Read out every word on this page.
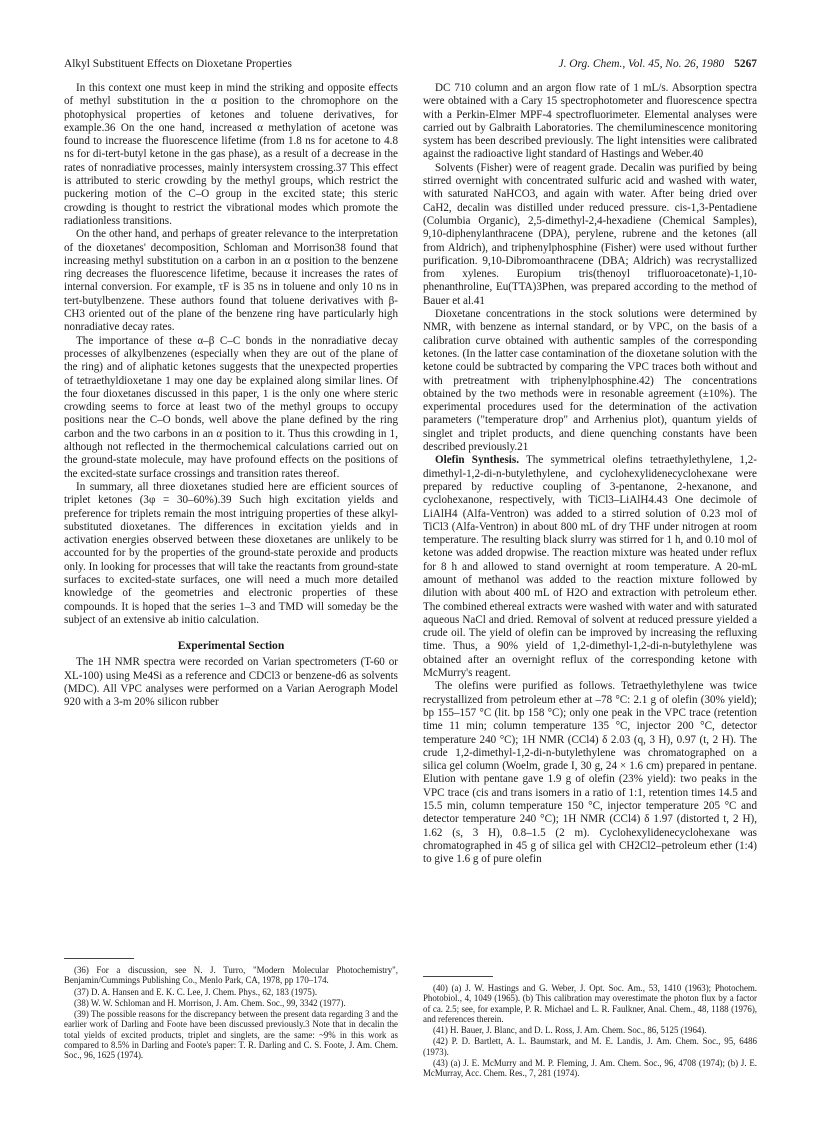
Alkyl Substituent Effects on Dioxetane Properties	J. Org. Chem., Vol. 45, No. 26, 1980 5267

In this context one must keep in mind the striking and opposite effects of methyl substitution in the α position to the chromophore on the photophysical properties of ketones and toluene derivatives, for example.36 On the one hand, increased α methylation of acetone was found to increase the fluorescence lifetime (from 1.8 ns for acetone to 4.8 ns for di-tert-butyl ketone in the gas phase), as a result of a decrease in the rates of nonradiative processes, mainly intersystem crossing.37 This effect is attributed to steric crowding by the methyl groups, which restrict the puckering motion of the C–O group in the excited state; this steric crowding is thought to restrict the vibrational modes which promote the radiationless transitions.

On the other hand, and perhaps of greater relevance to the interpretation of the dioxetanes' decomposition, Schloman and Morrison38 found that increasing methyl substitution on a carbon in an α position to the benzene ring decreases the fluorescence lifetime, because it increases the rates of internal conversion. For example, τF is 35 ns in toluene and only 10 ns in tert-butylbenzene. These authors found that toluene derivatives with β-CH3 oriented out of the plane of the benzene ring have particularly high nonradiative decay rates.

The importance of these α–β C–C bonds in the nonradiative decay processes of alkylbenzenes (especially when they are out of the plane of the ring) and of aliphatic ketones suggests that the unexpected properties of tetraethyldioxetane 1 may one day be explained along similar lines. Of the four dioxetanes discussed in this paper, 1 is the only one where steric crowding seems to force at least two of the methyl groups to occupy positions near the C–O bonds, well above the plane defined by the ring carbon and the two carbons in an α position to it. Thus this crowding in 1, although not reflected in the thermochemical calculations carried out on the ground-state molecule, may have profound effects on the positions of the excited-state surface crossings and transition rates thereof.

In summary, all three dioxetanes studied here are efficient sources of triplet ketones (3φ = 30–60%).39 Such high excitation yields and preference for triplets remain the most intriguing properties of these alkyl-substituted dioxetanes. The differences in excitation yields and in activation energies observed between these dioxetanes are unlikely to be accounted for by the properties of the ground-state peroxide and products only. In looking for processes that will take the reactants from ground-state surfaces to excited-state surfaces, one will need a much more detailed knowledge of the geometries and electronic properties of these compounds. It is hoped that the series 1–3 and TMD will someday be the subject of an extensive ab initio calculation.

Experimental Section

The 1H NMR spectra were recorded on Varian spectrometers (T-60 or XL-100) using Me4Si as a reference and CDCl3 or benzene-d6 as solvents (MDC). All VPC analyses were performed on a Varian Aerograph Model 920 with a 3-m 20% silicon rubber

DC 710 column and an argon flow rate of 1 mL/s. Absorption spectra were obtained with a Cary 15 spectrophotometer and fluorescence spectra with a Perkin-Elmer MPF-4 spectrofluorimeter. Elemental analyses were carried out by Galbraith Laboratories. The chemiluminescence monitoring system has been described previously. The light intensities were calibrated against the radioactive light standard of Hastings and Weber.40

Solvents (Fisher) were of reagent grade. Decalin was purified by being stirred overnight with concentrated sulfuric acid and washed with water, with saturated NaHCO3, and again with water. After being dried over CaH2, decalin was distilled under reduced pressure. cis-1,3-Pentadiene (Columbia Organic), 2,5-dimethyl-2,4-hexadiene (Chemical Samples), 9,10-diphenylanthracene (DPA), perylene, rubrene and the ketones (all from Aldrich), and triphenylphosphine (Fisher) were used without further purification. 9,10-Dibromoanthracene (DBA; Aldrich) was recrystallized from xylenes. Europium tris(thenoyl trifluoroacetonate)-1,10-phenanthroline, Eu(TTA)3Phen, was prepared according to the method of Bauer et al.41

Dioxetane concentrations in the stock solutions were determined by NMR, with benzene as internal standard, or by VPC, on the basis of a calibration curve obtained with authentic samples of the corresponding ketones. (In the latter case contamination of the dioxetane solution with the ketone could be subtracted by comparing the VPC traces both without and with pretreatment with triphenylphosphine.42) The concentrations obtained by the two methods were in resonable agreement (±10%). The experimental procedures used for the determination of the activation parameters ("temperature drop" and Arrhenius plot), quantum yields of singlet and triplet products, and diene quenching constants have been described previously.21

Olefin Synthesis. The symmetrical olefins tetraethylethylene, 1,2-dimethyl-1,2-di-n-butylethylene, and cyclohexylidenecyclohexane were prepared by reductive coupling of 3-pentanone, 2-hexanone, and cyclohexanone, respectively, with TiCl3–LiAlH4.43 One decimole of LiAlH4 (Alfa-Ventron) was added to a stirred solution of 0.23 mol of TiCl3 (Alfa-Ventron) in about 800 mL of dry THF under nitrogen at room temperature. The resulting black slurry was stirred for 1 h, and 0.10 mol of ketone was added dropwise. The reaction mixture was heated under reflux for 8 h and allowed to stand overnight at room temperature. A 20-mL amount of methanol was added to the reaction mixture followed by dilution with about 400 mL of H2O and extraction with petroleum ether. The combined ethereal extracts were washed with water and with saturated aqueous NaCl and dried. Removal of solvent at reduced pressure yielded a crude oil. The yield of olefin can be improved by increasing the refluxing time. Thus, a 90% yield of 1,2-dimethyl-1,2-di-n-butylethylene was obtained after an overnight reflux of the corresponding ketone with McMurry's reagent.

The olefins were purified as follows. Tetraethylethylene was twice recrystallized from petroleum ether at –78 °C: 2.1 g of olefin (30% yield); bp 155–157 °C (lit. bp 158 °C); only one peak in the VPC trace (retention time 11 min; column temperature 135 °C, injector 200 °C, detector temperature 240 °C); 1H NMR (CCl4) δ 2.03 (q, 3 H), 0.97 (t, 2 H). The crude 1,2-dimethyl-1,2-di-n-butylethylene was chromatographed on a silica gel column (Woelm, grade I, 30 g, 24 × 1.6 cm) prepared in pentane. Elution with pentane gave 1.9 g of olefin (23% yield): two peaks in the VPC trace (cis and trans isomers in a ratio of 1:1, retention times 14.5 and 15.5 min, column temperature 150 °C, injector temperature 205 °C and detector temperature 240 °C); 1H NMR (CCl4) δ 1.97 (distorted t, 2 H), 1.62 (s, 3 H), 0.8–1.5 (2 m). Cyclohexylidenecyclohexane was chromatographed in 45 g of silica gel with CH2Cl2–petroleum ether (1:4) to give 1.6 g of pure olefin

(36) For a discussion, see N. J. Turro, "Modern Molecular Photochemistry", Benjamin/Cummings Publishing Co., Menlo Park, CA, 1978, pp 170–174.

(37) D. A. Hansen and E. K. C. Lee, J. Chem. Phys., 62, 183 (1975).

(38) W. W. Schloman and H. Morrison, J. Am. Chem. Soc., 99, 3342 (1977).

(39) The possible reasons for the discrepancy between the present data regarding 3 and the earlier work of Darling and Foote have been discussed previously.3 Note that in decalin the total yields of excited products, triplet and singlets, are the same: ~9% in this work as compared to 8.5% in Darling and Foote's paper: T. R. Darling and C. S. Foote, J. Am. Chem. Soc., 96, 1625 (1974).

(40) (a) J. W. Hastings and G. Weber, J. Opt. Soc. Am., 53, 1410 (1963); Photochem. Photobiol., 4, 1049 (1965). (b) This calibration may overestimate the photon flux by a factor of ca. 2.5; see, for example, P. R. Michael and L. R. Faulkner, Anal. Chem., 48, 1188 (1976), and references therein.

(41) H. Bauer, J. Blanc, and D. L. Ross, J. Am. Chem. Soc., 86, 5125 (1964).

(42) P. D. Bartlett, A. L. Baumstark, and M. E. Landis, J. Am. Chem. Soc., 95, 6486 (1973).

(43) (a) J. E. McMurry and M. P. Fleming, J. Am. Chem. Soc., 96, 4708 (1974); (b) J. E. McMurray, Acc. Chem. Res., 7, 281 (1974).
